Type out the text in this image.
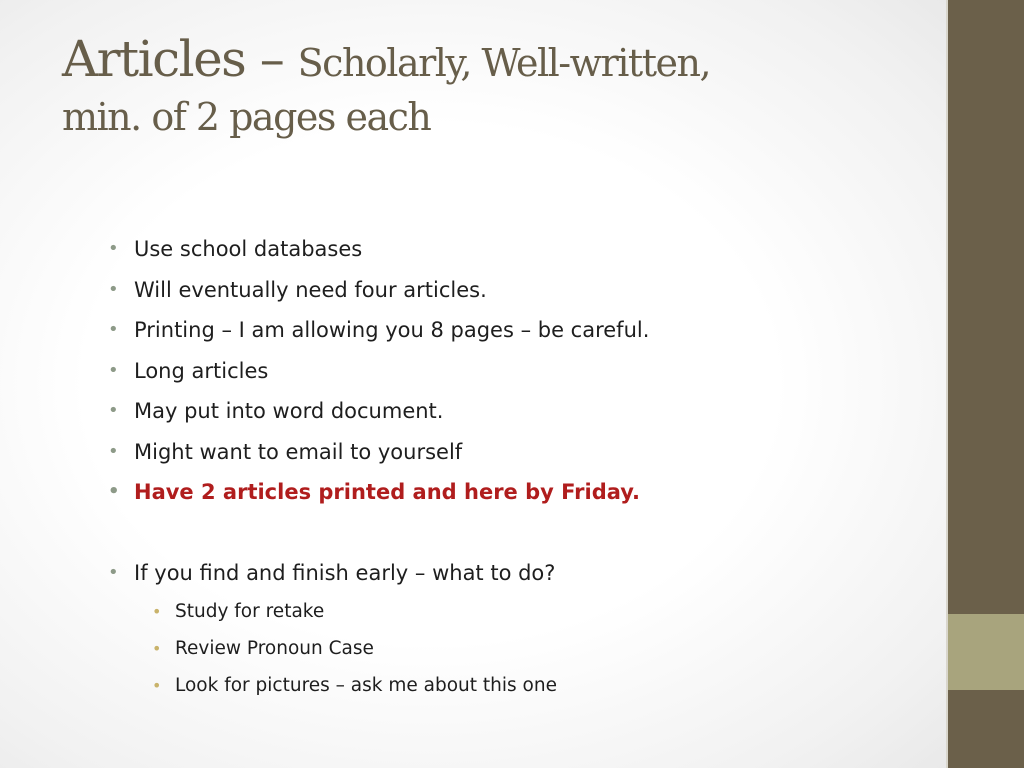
Articles – Scholarly, Well-written,
min. of 2 pages each
• Use school databases
• Will eventually need four articles.
• Printing – I am allowing you 8 pages – be careful.
• Long articles
• May put into word document.
• Might want to email to yourself
• Have 2 articles printed and here by Friday.
• If you find and finish early – what to do?
• Study for retake
• Review Pronoun Case
• Look for pictures – ask me about this one
